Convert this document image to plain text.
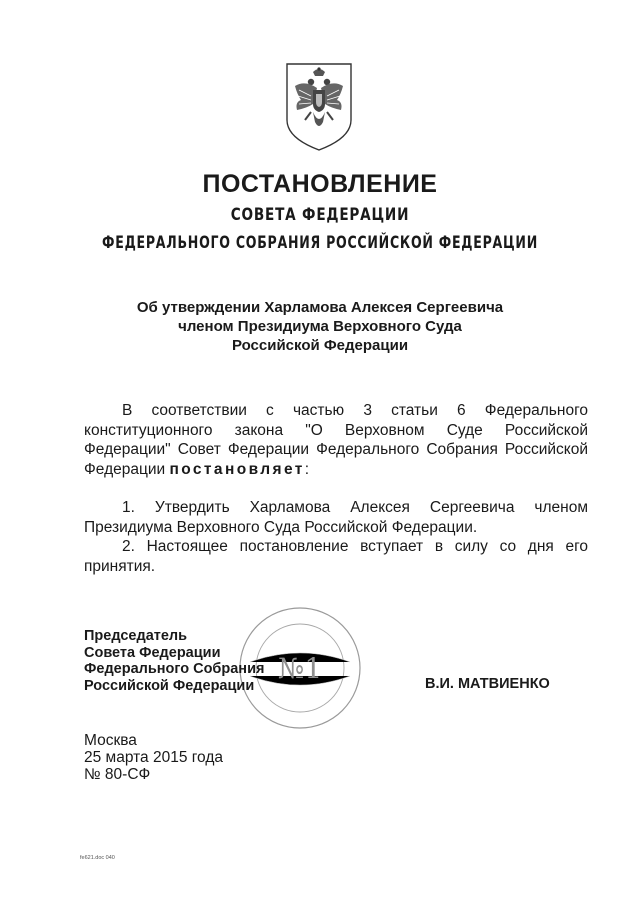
ПОСТАНОВЛЕНИЕ
СОВЕТА ФЕДЕРАЦИИ
ФЕДЕРАЛЬНОГО СОБРАНИЯ РОССИЙСКОЙ ФЕДЕРАЦИИ
Об утверждении Харламова Алексея Сергеевича
членом Президиума Верховного Суда
Российской Федерации
В соответствии с частью 3 статьи 6 Федерального конституционного закона "О Верховном Суде Российской Федерации" Совет Федерации Федерального Собрания Российской Федерации постановляет:
1. Утвердить Харламова Алексея Сергеевича членом Президиума Верховного Суда Российской Федерации.
2. Настоящее постановление вступает в силу со дня его принятия.
№1
Председатель
Совета Федерации
Федерального Собрания
Российской Федерации	В.И. МАТВИЕНКО
Москва
25 марта 2015 года
№ 80-СФ
fe621.doc 040
